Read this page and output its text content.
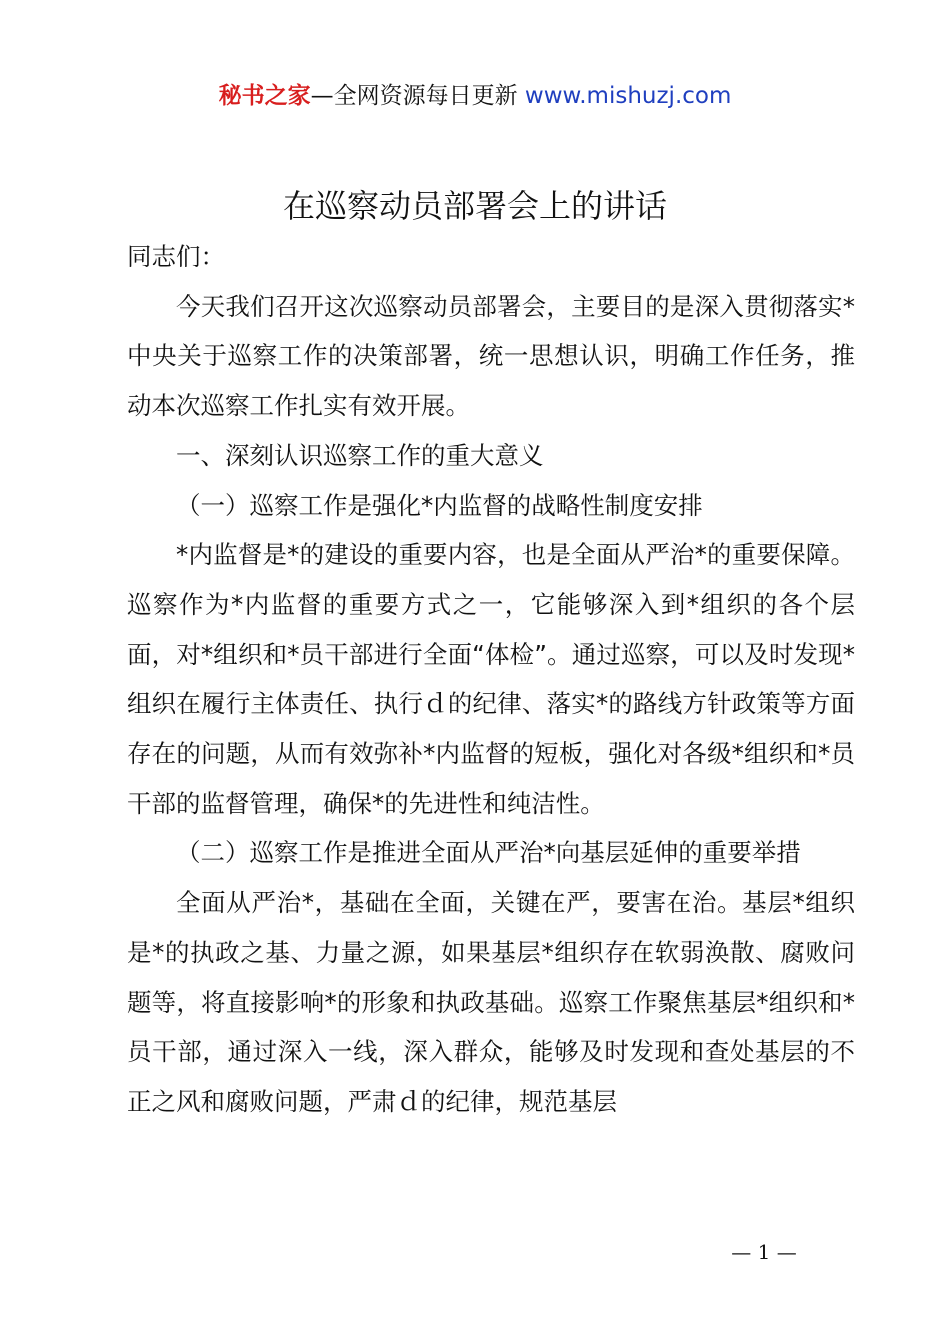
秘书之家—全网资源每日更新 www.mishuzj.com
在巡察动员部署会上的讲话

同志们：

今天我们召开这次巡察动员部署会，主要目的是深入贯彻落实*中央关于巡察工作的决策部署，统一思想认识，明确工作任务，推动本次巡察工作扎实有效开展。

一、深刻认识巡察工作的重大意义

（一）巡察工作是强化*内监督的战略性制度安排

*内监督是*的建设的重要内容，也是全面从严治*的重要保障。巡察作为*内监督的重要方式之一，它能够深入到*组织的各个层面，对*组织和*员干部进行全面“体检”。通过巡察，可以及时发现*组织在履行主体责任、执行ｄ的纪律、落实*的路线方针政策等方面存在的问题，从而有效弥补*内监督的短板，强化对各级*组织和*员干部的监督管理，确保*的先进性和纯洁性。

（二）巡察工作是推进全面从严治*向基层延伸的重要举措

全面从严治*，基础在全面，关键在严，要害在治。基层*组织是*的执政之基、力量之源，如果基层*组织存在软弱涣散、腐败问题等，将直接影响*的形象和执政基础。巡察工作聚焦基层*组织和*员干部，通过深入一线，深入群众，能够及时发现和查处基层的不正之风和腐败问题，严肃ｄ的纪律，规范基层

— 1 —
